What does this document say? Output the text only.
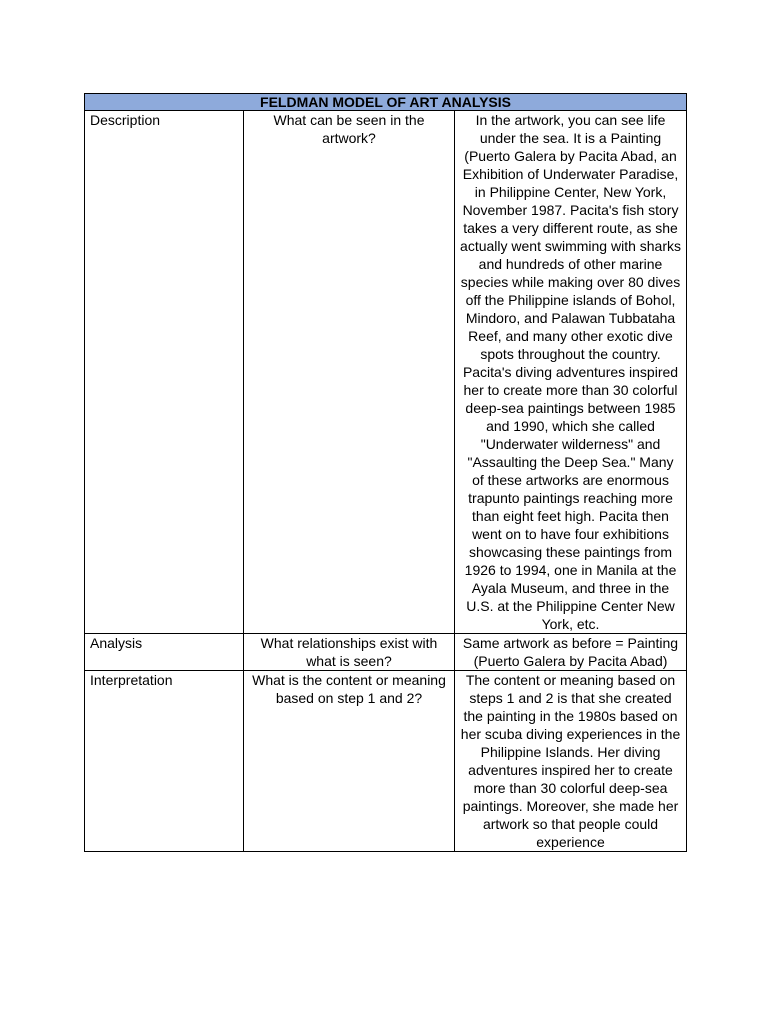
FELDMAN MODEL OF ART ANALYSIS		
Description	What can be seen in the artwork?	In the artwork, you can see life under the sea. It is a Painting (Puerto Galera by Pacita Abad, an Exhibition of Underwater Paradise, in Philippine Center, New York, November 1987. Pacita's fish story takes a very different route, as she actually went swimming with sharks and hundreds of other marine species while making over 80 dives off the Philippine islands of Bohol, Mindoro, and Palawan Tubbataha Reef, and many other exotic dive spots throughout the country. Pacita's diving adventures inspired her to create more than 30 colorful deep-sea paintings between 1985 and 1990, which she called "Underwater wilderness" and "Assaulting the Deep Sea." Many of these artworks are enormous trapunto paintings reaching more than eight feet high. Pacita then went on to have four exhibitions showcasing these paintings from 1926 to 1994, one in Manila at the Ayala Museum, and three in the U.S. at the Philippine Center New York, etc.
Analysis	What relationships exist with what is seen?	Same artwork as before = Painting (Puerto Galera by Pacita Abad)
Interpretation	What is the content or meaning based on step 1 and 2?	The content or meaning based on steps 1 and 2 is that she created the painting in the 1980s based on her scuba diving experiences in the Philippine Islands. Her diving adventures inspired her to create more than 30 colorful deep-sea paintings. Moreover, she made her artwork so that people could experience
